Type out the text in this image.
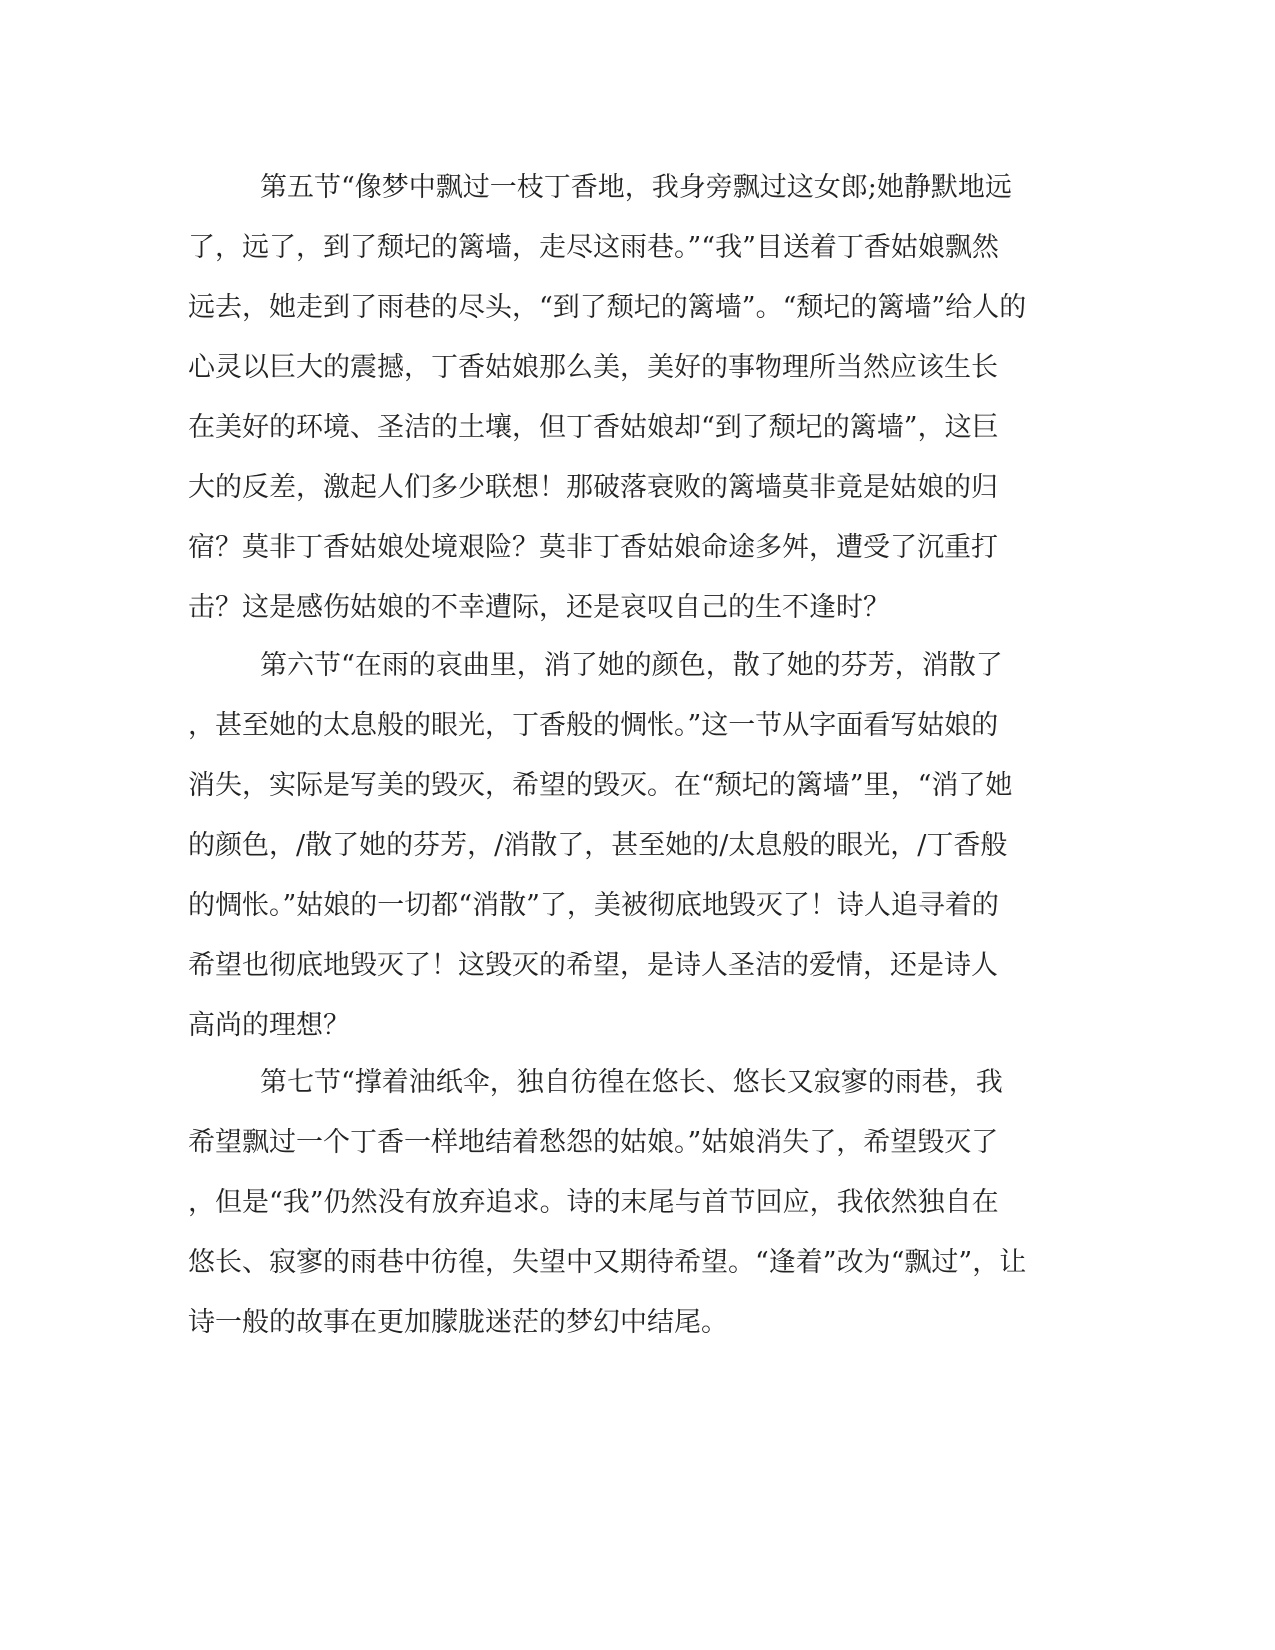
第五节“像梦中飘过一枝丁香地，我身旁飘过这女郎;她静默地远
了，远了，到了颓圮的篱墙，走尽这雨巷。”“我”目送着丁香姑娘飘然
远去，她走到了雨巷的尽头，“到了颓圮的篱墙”。“颓圮的篱墙”给人的
心灵以巨大的震撼，丁香姑娘那么美，美好的事物理所当然应该生长
在美好的环境、圣洁的土壤，但丁香姑娘却“到了颓圮的篱墙”，这巨
大的反差，激起人们多少联想！那破落衰败的篱墙莫非竟是姑娘的归
宿？莫非丁香姑娘处境艰险？莫非丁香姑娘命途多舛，遭受了沉重打
击？这是感伤姑娘的不幸遭际，还是哀叹自己的生不逢时？
第六节“在雨的哀曲里，消了她的颜色，散了她的芬芳，消散了
，甚至她的太息般的眼光，丁香般的惆怅。”这一节从字面看写姑娘的
消失，实际是写美的毁灭，希望的毁灭。在“颓圮的篱墙”里，“消了她
的颜色，/散了她的芬芳，/消散了，甚至她的/太息般的眼光，/丁香般
的惆怅。”姑娘的一切都“消散”了，美被彻底地毁灭了！诗人追寻着的
希望也彻底地毁灭了！这毁灭的希望，是诗人圣洁的爱情，还是诗人
高尚的理想？
第七节“撑着油纸伞，独自彷徨在悠长、悠长又寂寥的雨巷，我
希望飘过一个丁香一样地结着愁怨的姑娘。”姑娘消失了，希望毁灭了
，但是“我”仍然没有放弃追求。诗的末尾与首节回应，我依然独自在
悠长、寂寥的雨巷中彷徨，失望中又期待希望。“逢着”改为“飘过”，让
诗一般的故事在更加朦胧迷茫的梦幻中结尾。
